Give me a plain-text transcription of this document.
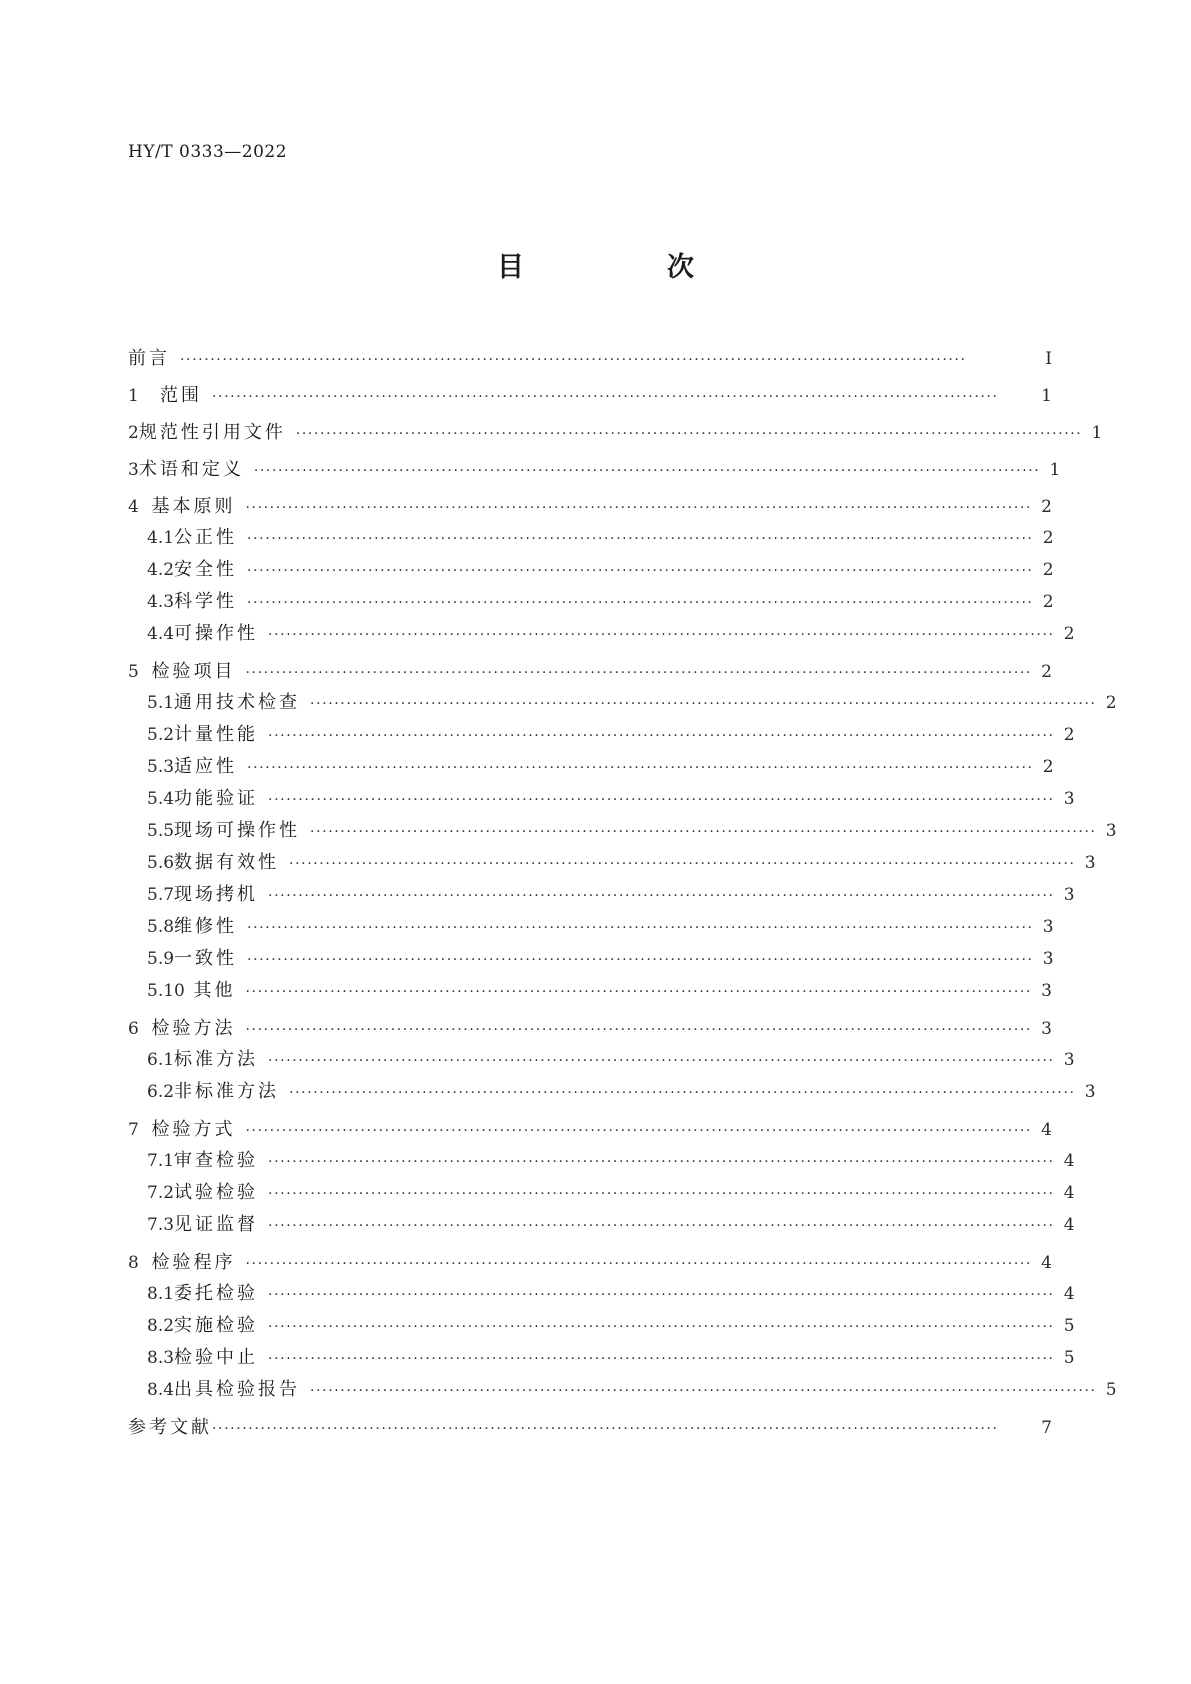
HY/T 0333—2022
目　次
前言 ··································································································································	Ⅰ
1	范围 ··································································································································	1
2 规范性引用文件 ·································································································································· 1
3 术语和定义 ·································································································································· 1
4 基本原则 ·································································································································· 2
4.1 公正性 ·································································································································· 2
4.2 安全性 ·································································································································· 2
4.3 科学性 ·································································································································· 2
4.4 可操作性 ·································································································································· 2
5 检验项目 ·································································································································· 2
5.1 通用技术检查 ·································································································································· 2
5.2 计量性能 ·································································································································· 2
5.3 适应性 ·································································································································· 2
5.4 功能验证 ·································································································································· 3
5.5 现场可操作性 ·································································································································· 3
5.6 数据有效性 ·································································································································· 3
5.7 现场拷机 ·································································································································· 3
5.8 维修性 ·································································································································· 3
5.9 一致性 ·································································································································· 3
5.10 其他 ·································································································································· 3
6 检验方法 ·································································································································· 3
6.1 标准方法 ·································································································································· 3
6.2 非标准方法 ·································································································································· 3
7 检验方式 ·································································································································· 4
7.1 审查检验 ·································································································································· 4
7.2 试验检验 ·································································································································· 4
7.3 见证监督 ·································································································································· 4
8 检验程序 ·································································································································· 4
8.1 委托检验 ·································································································································· 4
8.2 实施检验 ·································································································································· 5
8.3 检验中止 ·································································································································· 5
8.4 出具检验报告 ·································································································································· 5
参考文献 ··································································································································	7
